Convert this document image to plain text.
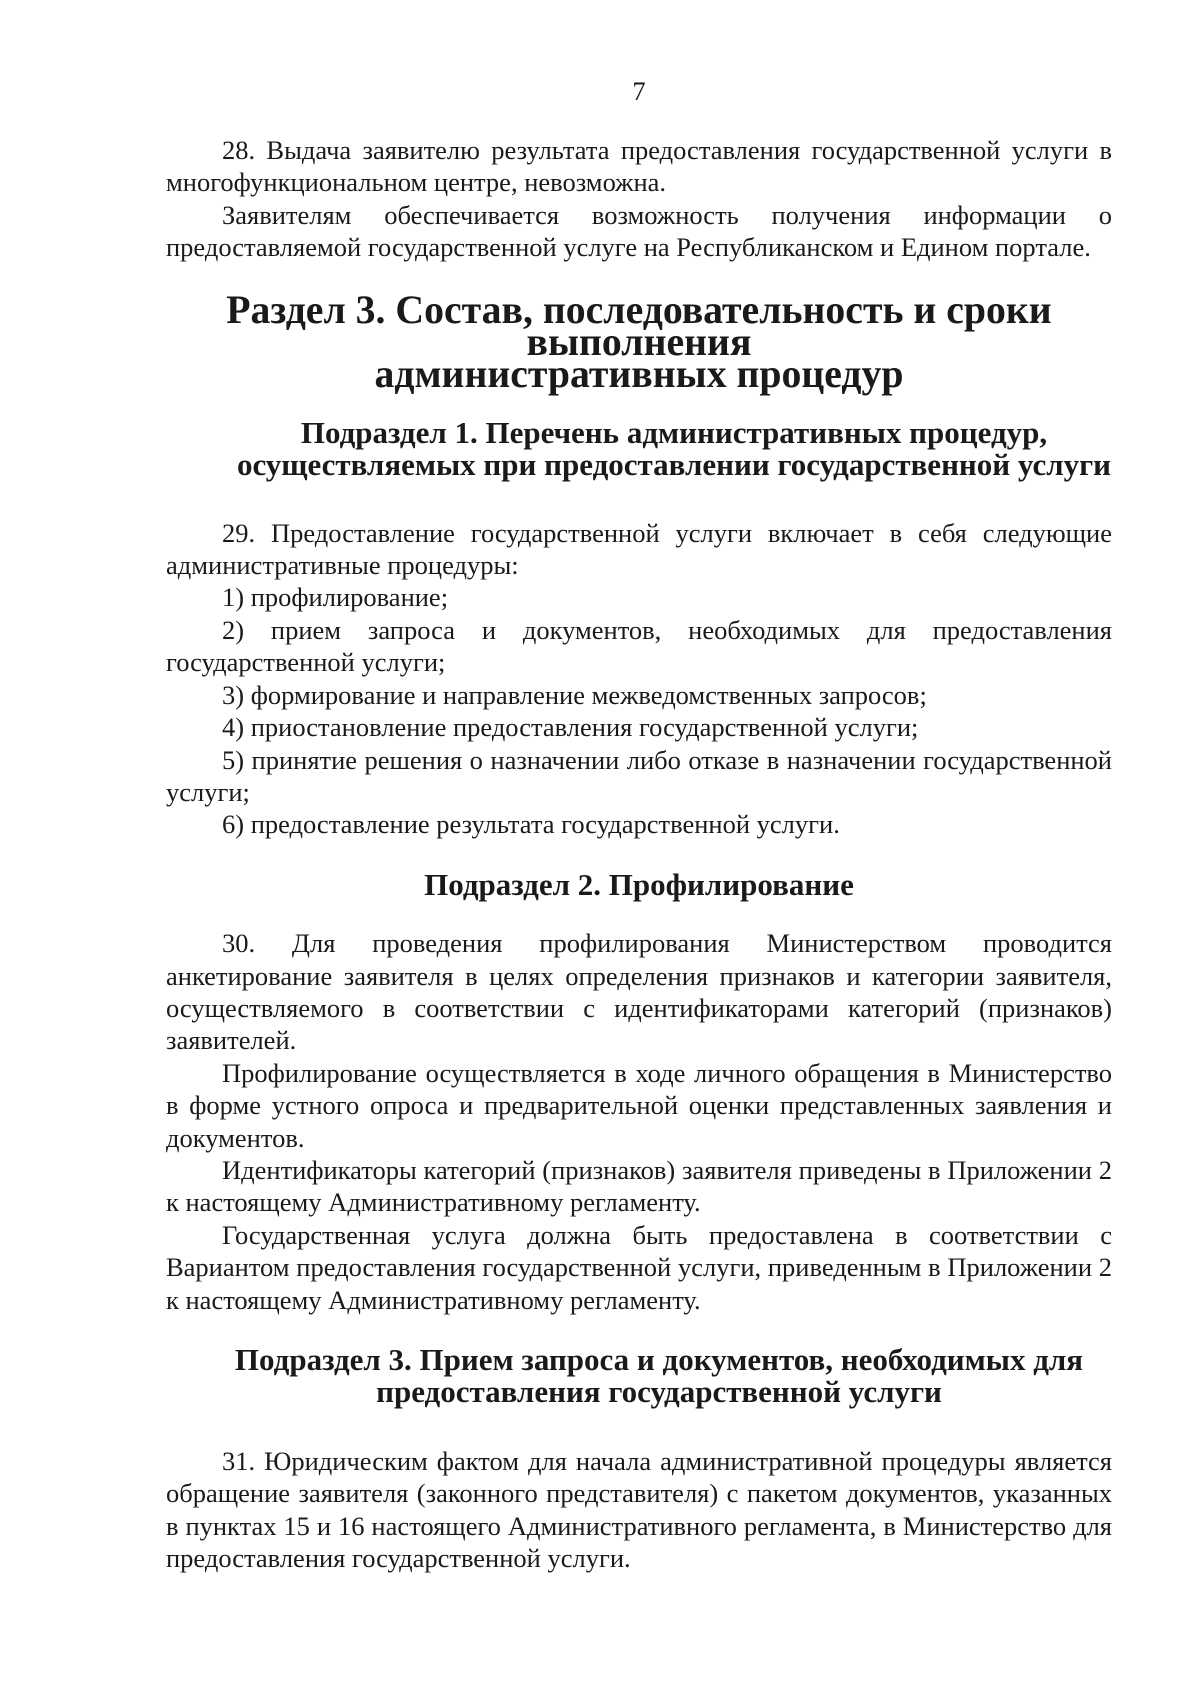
7

28. Выдача заявителю результата предоставления государственной услуги в многофункциональном центре, невозможна.

Заявителям обеспечивается возможность получения информации о предоставляемой государственной услуге на Республиканском и Едином портале.

Раздел 3. Состав, последовательность и сроки выполнения
административных процедур
Подраздел 1. Перечень административных процедур,
осуществляемых при предоставлении государственной услуги

29. Предоставление государственной услуги включает в себя следующие административные процедуры:

1) профилирование;

2) прием запроса и документов, необходимых для предоставления государственной услуги;

3) формирование и направление межведомственных запросов;

4) приостановление предоставления государственной услуги;

5) принятие решения о назначении либо отказе в назначении государственной услуги;

6) предоставление результата государственной услуги.

Подраздел 2. Профилирование

30. Для проведения профилирования Министерством проводится анкетирование заявителя в целях определения признаков и категории заявителя, осуществляемого в соответствии с идентификаторами категорий (признаков) заявителей.

Профилирование осуществляется в ходе личного обращения в Министерство в форме устного опроса и предварительной оценки представленных заявления и документов.

Идентификаторы категорий (признаков) заявителя приведены в Приложении 2 к настоящему Административному регламенту.

Государственная услуга должна быть предоставлена в соответствии с Вариантом предоставления государственной услуги, приведенным в Приложении 2 к настоящему Административному регламенту.

Подраздел 3. Прием запроса и документов, необходимых для
предоставления государственной услуги

31. Юридическим фактом для начала административной процедуры является обращение заявителя (законного представителя) с пакетом документов, указанных в пунктах 15 и 16 настоящего Административного регламента, в Министерство для предоставления государственной услуги.
